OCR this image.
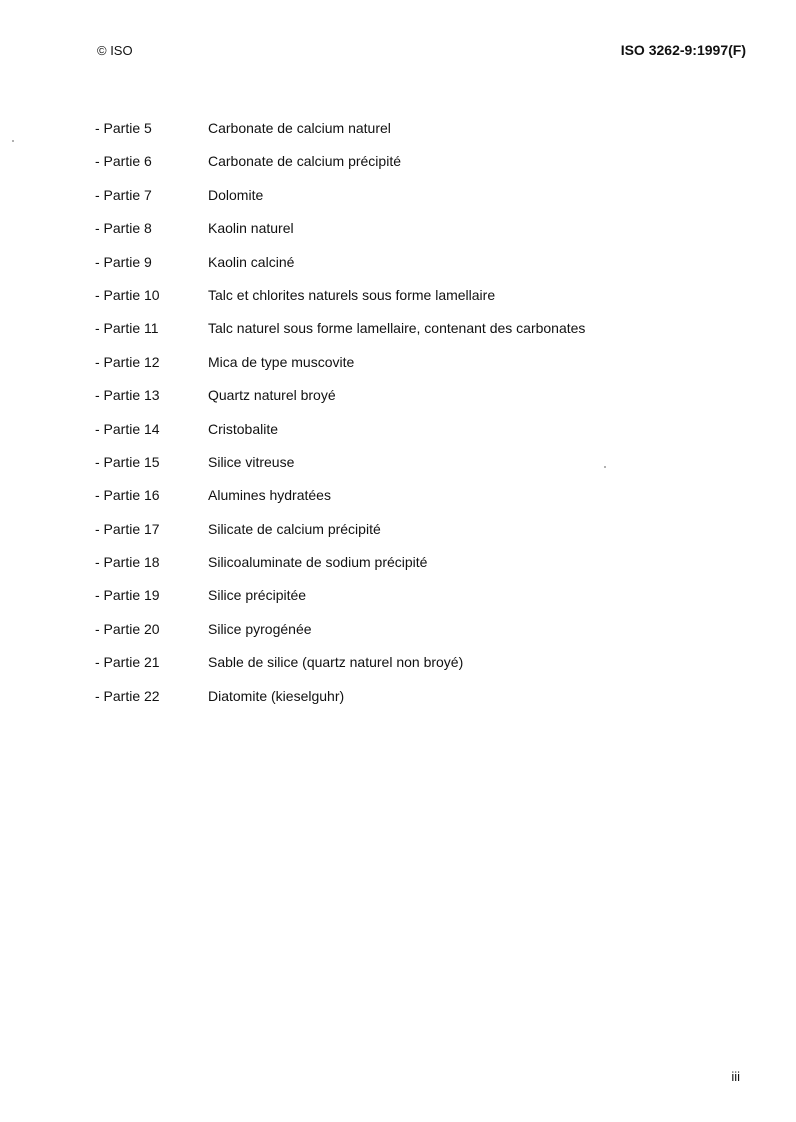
© ISO	ISO 3262-9:1997(F)
- Partie 5	Carbonate de calcium naturel
- Partie 6	Carbonate de calcium précipité
- Partie 7	Dolomite
- Partie 8	Kaolin naturel
- Partie 9	Kaolin calciné
- Partie 10	Talc et chlorites naturels sous forme lamellaire
- Partie 11	Talc naturel sous forme lamellaire, contenant des carbonates
- Partie 12	Mica de type muscovite
- Partie 13	Quartz naturel broyé
- Partie 14	Cristobalite
- Partie 15	Silice vitreuse
- Partie 16	Alumines hydratées
- Partie 17	Silicate de calcium précipité
- Partie 18	Silicoaluminate de sodium précipité
- Partie 19	Silice précipitée
- Partie 20	Silice pyrogénée
- Partie 21	Sable de silice (quartz naturel non broyé)
- Partie 22	Diatomite (kieselguhr)
iii
